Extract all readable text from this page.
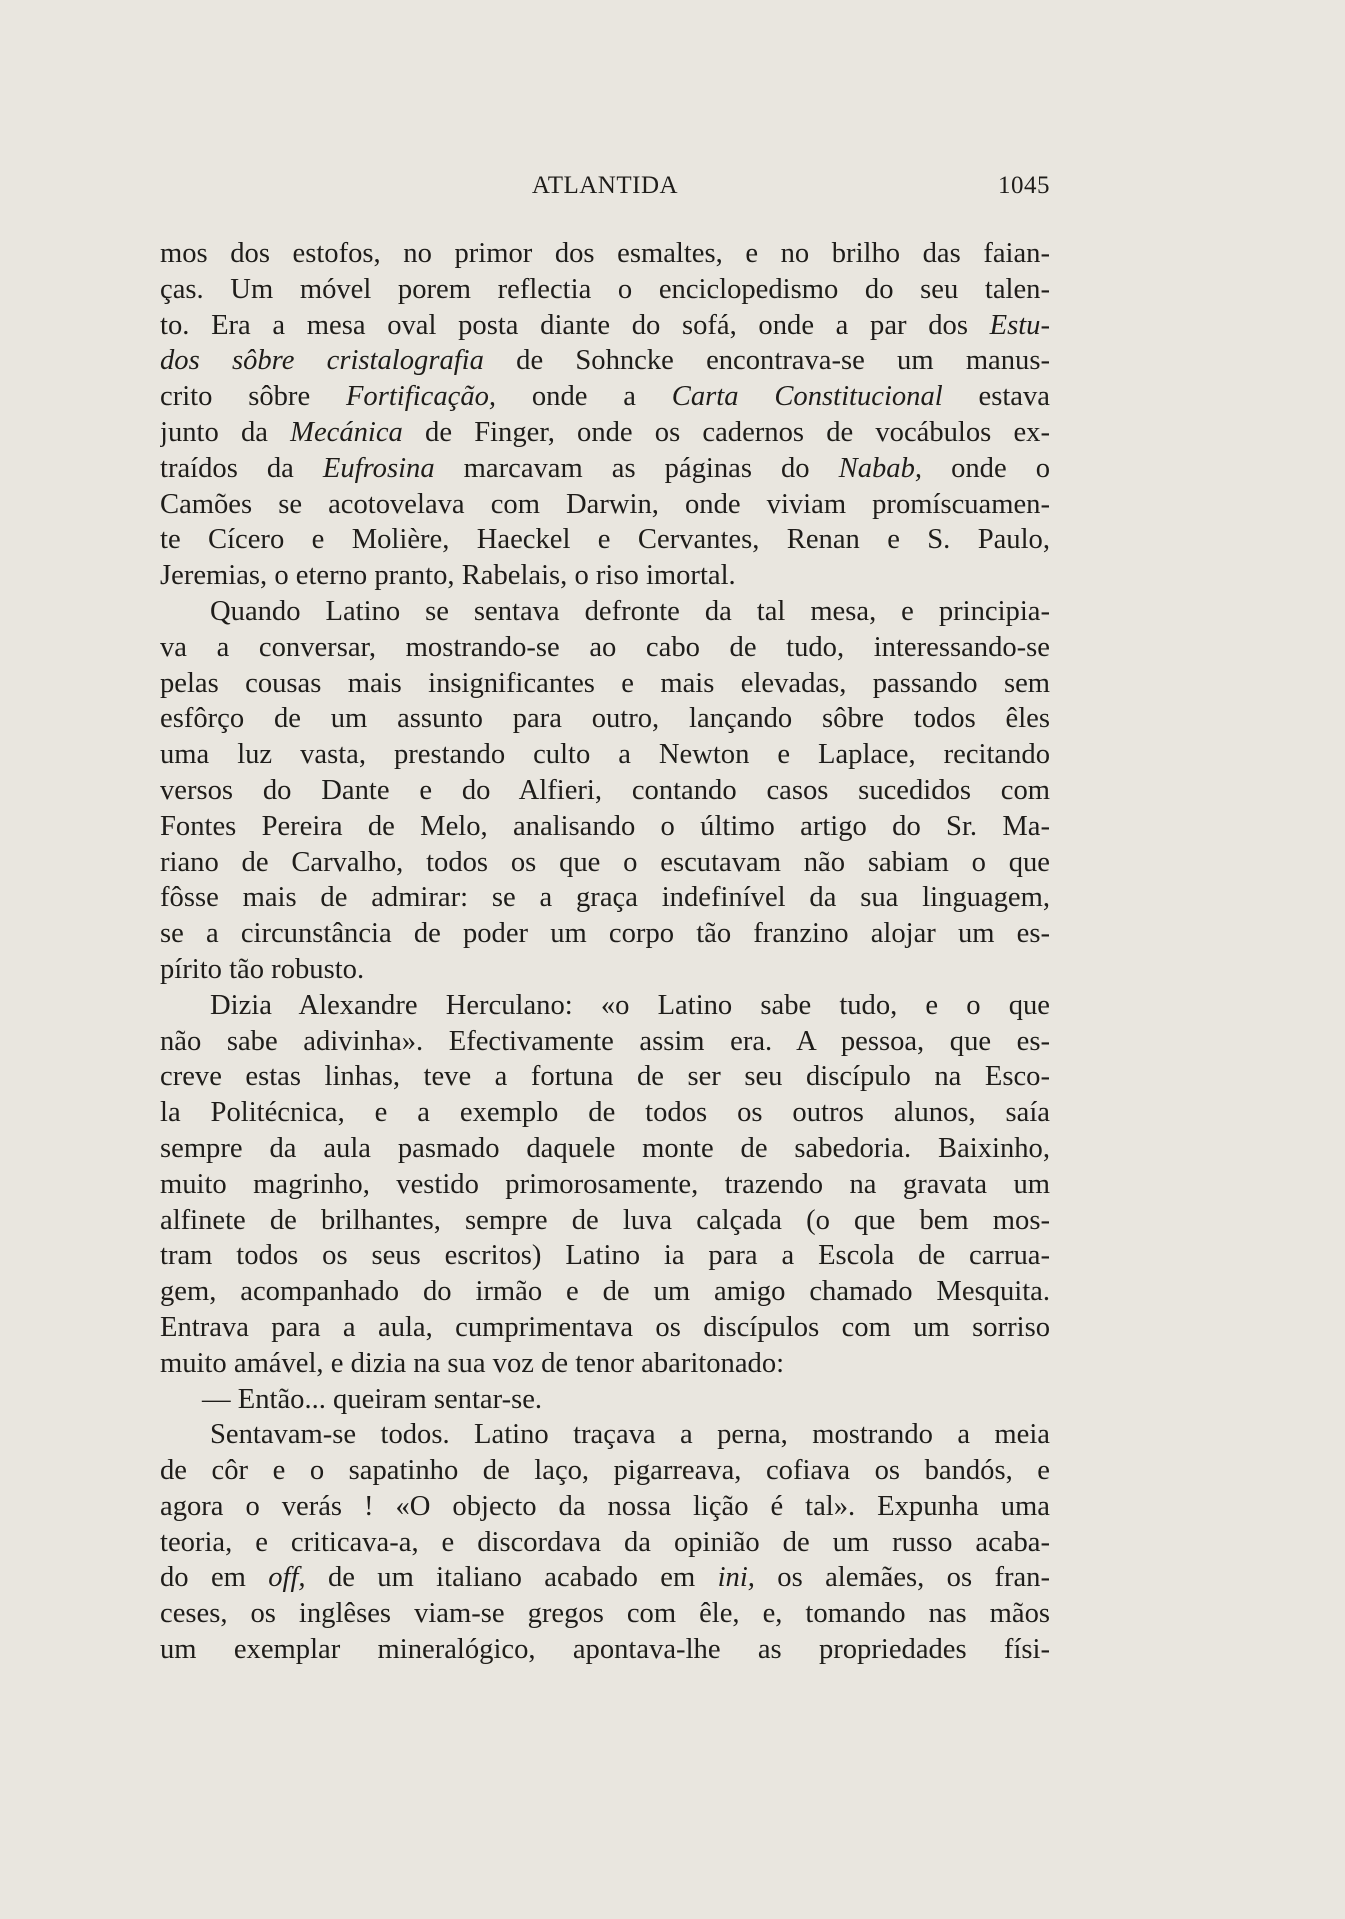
ATLANTIDA	1045
mos dos estofos, no primor dos esmaltes, e no brilho das faian-
ças. Um móvel porem reflectia o enciclopedismo do seu talen-
to. Era a mesa oval posta diante do sofá, onde a par dos Estu-
dos sôbre cristalografia de Sohncke encontrava-se um manus-
crito sôbre Fortificação, onde a Carta Constitucional estava
junto da Mecánica de Finger, onde os cadernos de vocábulos ex-
traídos da Eufrosina marcavam as páginas do Nabab, onde o
Camões se acotovelava com Darwin, onde viviam promíscuamen-
te Cícero e Molière, Haeckel e Cervantes, Renan e S. Paulo,
Jeremias, o eterno pranto, Rabelais, o riso imortal.
Quando Latino se sentava defronte da tal mesa, e principia-
va a conversar, mostrando-se ao cabo de tudo, interessando-se
pelas cousas mais insignificantes e mais elevadas, passando sem
esfôrço de um assunto para outro, lançando sôbre todos êles
uma luz vasta, prestando culto a Newton e Laplace, recitando
versos do Dante e do Alfieri, contando casos sucedidos com
Fontes Pereira de Melo, analisando o último artigo do Sr. Ma-
riano de Carvalho, todos os que o escutavam não sabiam o que
fôsse mais de admirar: se a graça indefinível da sua linguagem,
se a circunstância de poder um corpo tão franzino alojar um es-
pírito tão robusto.
Dizia Alexandre Herculano: «o Latino sabe tudo, e o que
não sabe adivinha». Efectivamente assim era. A pessoa, que es-
creve estas linhas, teve a fortuna de ser seu discípulo na Esco-
la Politécnica, e a exemplo de todos os outros alunos, saía
sempre da aula pasmado daquele monte de sabedoria. Baixinho,
muito magrinho, vestido primorosamente, trazendo na gravata um
alfinete de brilhantes, sempre de luva calçada (o que bem mos-
tram todos os seus escritos) Latino ia para a Escola de carrua-
gem, acompanhado do irmão e de um amigo chamado Mesquita.
Entrava para a aula, cumprimentava os discípulos com um sorriso
muito amável, e dizia na sua voz de tenor abaritonado:
— Então... queiram sentar-se.
Sentavam-se todos. Latino traçava a perna, mostrando a meia
de côr e o sapatinho de laço, pigarreava, cofiava os bandós, e
agora o verás ! «O objecto da nossa lição é tal». Expunha uma
teoria, e criticava-a, e discordava da opinião de um russo acaba-
do em off, de um italiano acabado em ini, os alemães, os fran-
ceses, os inglêses viam-se gregos com êle, e, tomando nas mãos
um exemplar mineralógico, apontava-lhe as propriedades físi-
